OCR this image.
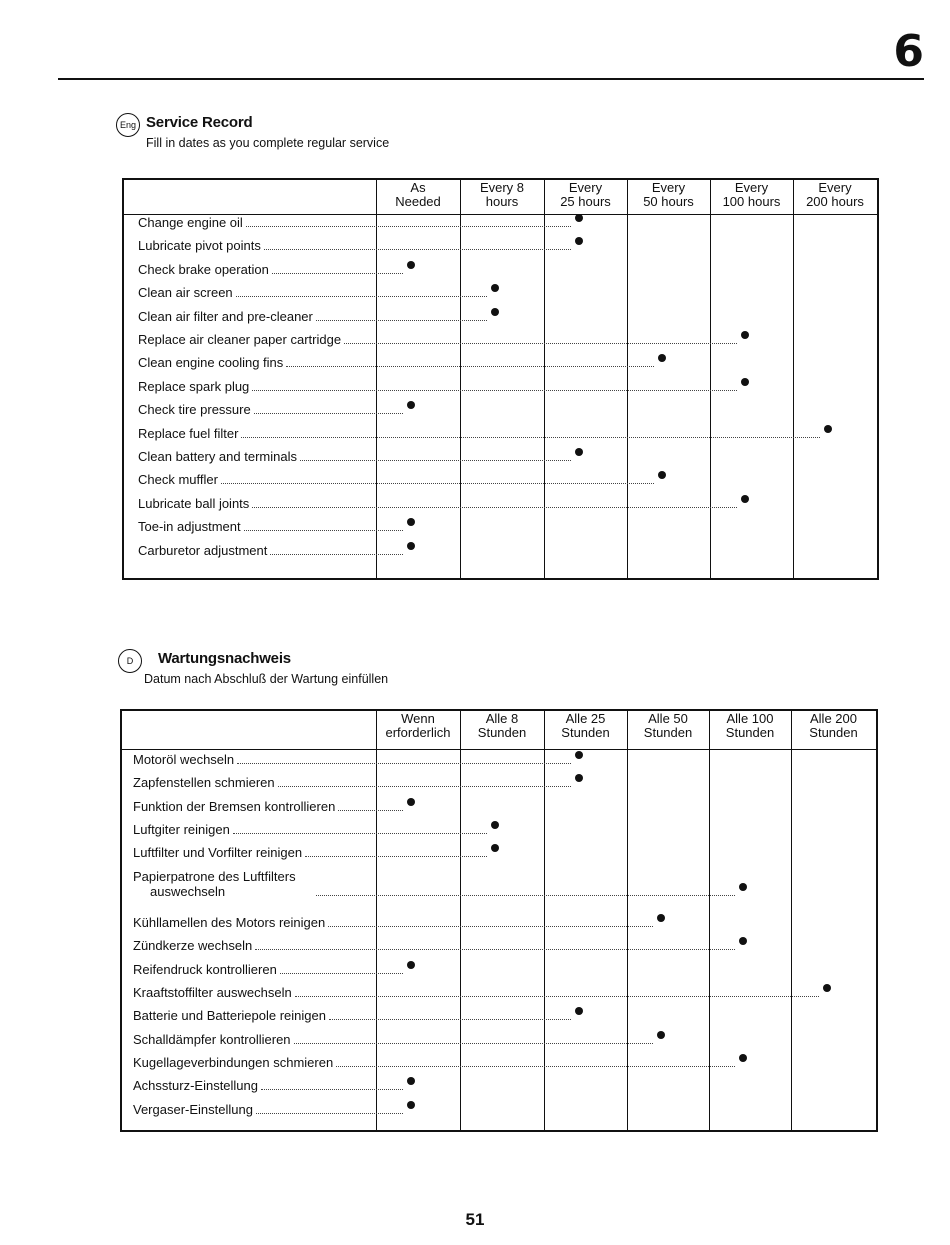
6
Eng Service Record
Fill in dates as you complete regular service
As
Needed
Every 8
hours
Every
25 hours
Every
50 hours
Every
100 hours
Every
200 hours
Change engine oil
Lubricate pivot points
Check brake operation
Clean air screen
Clean air filter and pre-cleaner
Replace air cleaner paper cartridge
Clean engine cooling fins
Replace spark plug
Check tire pressure
Replace fuel filter
Clean battery and terminals
Check muffler
Lubricate ball joints
Toe-in adjustment
Carburetor adjustment
D	Wartungsnachweis
Datum nach Abschluß der Wartung einfüllen
Wenn
erforderlich
Alle 8
Stunden
Alle 25
Stunden
Alle 50
Stunden
Alle 100
Stunden
Alle 200
Stunden
Motoröl wechseln
Zapfenstellen schmieren
Funktion der Bremsen kontrollieren
Luftgiter reinigen
Luftfilter und Vorfilter reinigen
Papierpatrone des Luftfilters
auswechseln
Kühllamellen des Motors reinigen
Zündkerze wechseln
Reifendruck kontrollieren
Kraaftstoffilter auswechseln
Batterie und Batteriepole reinigen
Schalldämpfer kontrollieren
Kugellageverbindungen schmieren
Achssturz-Einstellung
Vergaser-Einstellung
51
